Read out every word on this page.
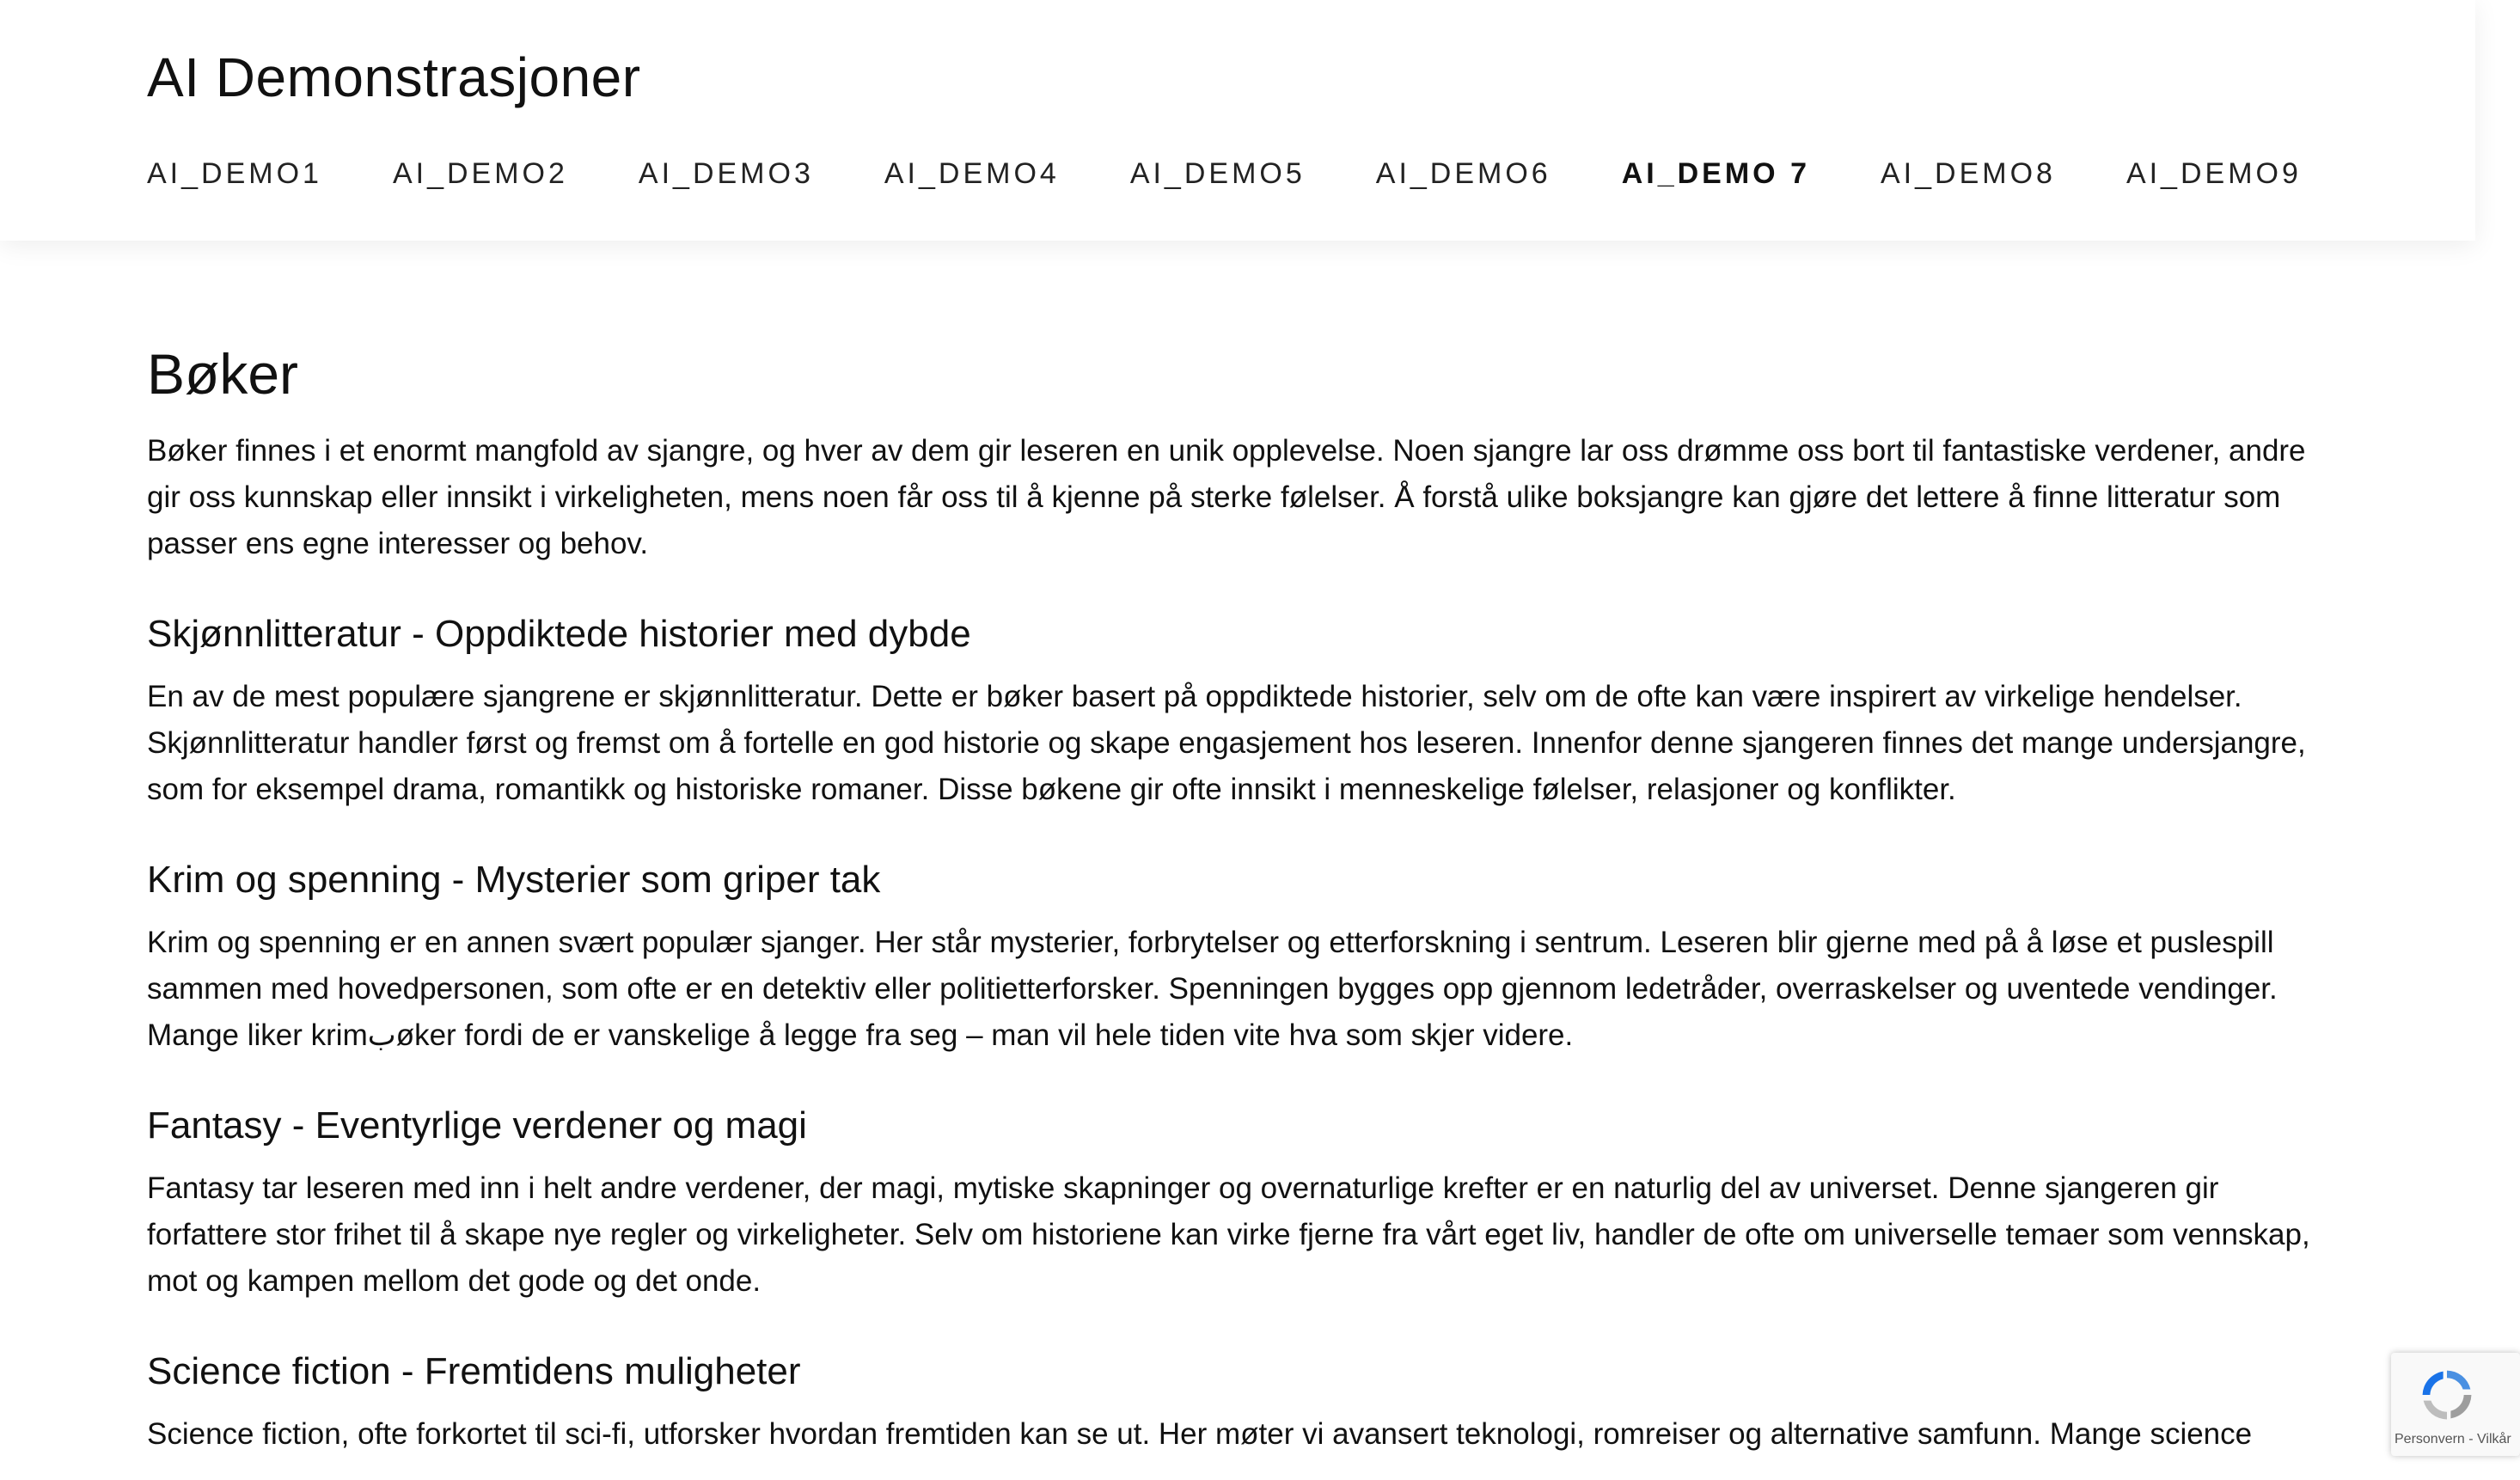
AI Demonstrasjoner
AI_DEMO1 AI_DEMO2 AI_DEMO3 AI_DEMO4 AI_DEMO5 AI_DEMO6 AI_DEMO 7 AI_DEMO8 AI_DEMO9
Bøker

Bøker finnes i et enormt mangfold av sjangre, og hver av dem gir leseren en unik opplevelse. Noen sjangre lar oss drømme oss bort til fantastiske verdener, andre gir oss kunnskap eller innsikt i virkeligheten, mens noen får oss til å kjenne på sterke følelser. Å forstå ulike boksjangre kan gjøre det lettere å finne litteratur som passer ens egne interesser og behov.

Skjønnlitteratur - Oppdiktede historier med dybde

En av de mest populære sjangrene er skjønnlitteratur. Dette er bøker basert på oppdiktede historier, selv om de ofte kan være inspirert av virkelige hendelser. Skjønnlitteratur handler først og fremst om å fortelle en god historie og skape engasjement hos leseren. Innenfor denne sjangeren finnes det mange undersjangre, som for eksempel drama, romantikk og historiske romaner. Disse bøkene gir ofte innsikt i menneskelige følelser, relasjoner og konflikter.

Krim og spenning - Mysterier som griper tak

Krim og spenning er en annen svært populær sjanger. Her står mysterier, forbrytelser og etterforskning i sentrum. Leseren blir gjerne med på å løse et puslespill sammen med hovedpersonen, som ofte er en detektiv eller politietterforsker. Spenningen bygges opp gjennom ledetråder, overraskelser og uventede vendinger. Mange liker krimبøker fordi de er vanskelige å legge fra seg – man vil hele tiden vite hva som skjer videre.

Fantasy - Eventyrlige verdener og magi

Fantasy tar leseren med inn i helt andre verdener, der magi, mytiske skapninger og overnaturlige krefter er en naturlig del av universet. Denne sjangeren gir forfattere stor frihet til å skape nye regler og virkeligheter. Selv om historiene kan virke fjerne fra vårt eget liv, handler de ofte om universelle temaer som vennskap, mot og kampen mellom det gode og det onde.

Science fiction - Fremtidens muligheter

Science fiction, ofte forkortet til sci-fi, utforsker hvordan fremtiden kan se ut. Her møter vi avansert teknologi, romreiser og alternative samfunn. Mange science	Personvern - Vilkår
